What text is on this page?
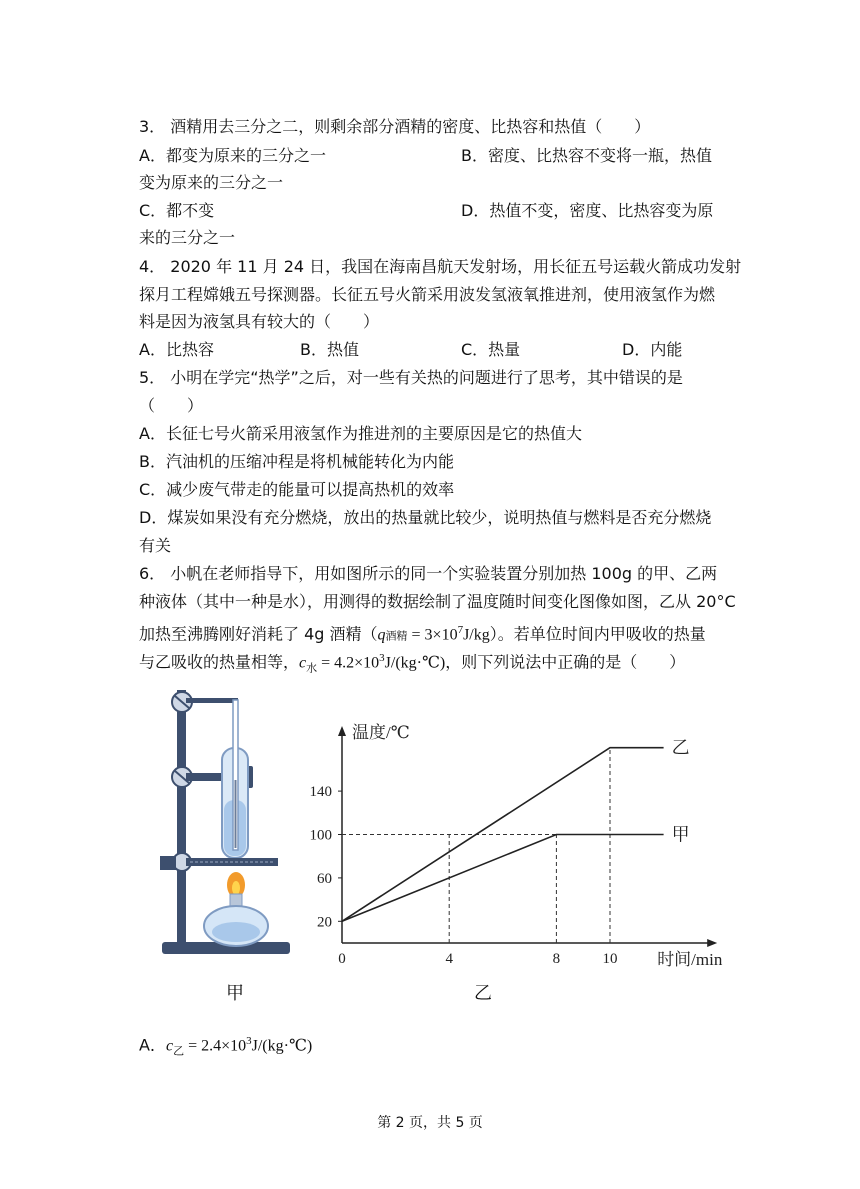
3． 酒精用去三分之二，则剩余部分酒精的密度、比热容和热值（　　）
A．都变为原来的三分之一	B．密度、比热容不变将一瓶，热值
变为原来的三分之一
C．都不变	D．热值不变，密度、比热容变为原
来的三分之一
4． 2020 年 11 月 24 日，我国在海南昌航天发射场，用长征五号运载火箭成功发射
探月工程嫦娥五号探测器。长征五号火箭采用波发氢液氧推进剂，使用液氢作为燃
料是因为液氢具有较大的（　　）
A．比热容	B．热值	C．热量	D．内能
5． 小明在学完“热学”之后，对一些有关热的问题进行了思考，其中错误的是
（　　）
A．长征七号火箭采用液氢作为推进剂的主要原因是它的热值大
B．汽油机的压缩冲程是将机械能转化为内能
C．减少废气带走的能量可以提高热机的效率
D．煤炭如果没有充分燃烧，放出的热量就比较少，说明热值与燃料是否充分燃烧
有关
6． 小帆在老师指导下，用如图所示的同一个实验装置分别加热 100g 的甲、乙两
种液体（其中一种是水），用测得的数据绘制了温度随时间变化图像如图，乙从 20°C
加热至沸腾刚好消耗了 4g 酒精（q酒精 = $3\times 10^7J/kg$）。若单位时间内甲吸收的热量
与乙吸收的热量相等，$c_水$ = $4.2\times 10^3J/(kg\cdot℃)$，则下列说法中正确的是（　　）
甲
乙
0	4	8	10
20
60
100
140
温度/℃
时间/min
甲	乙
A．$c_乙$ = $2.4\times 10^3J/(kg\cdot℃)$
第 2 页，共 5 页
